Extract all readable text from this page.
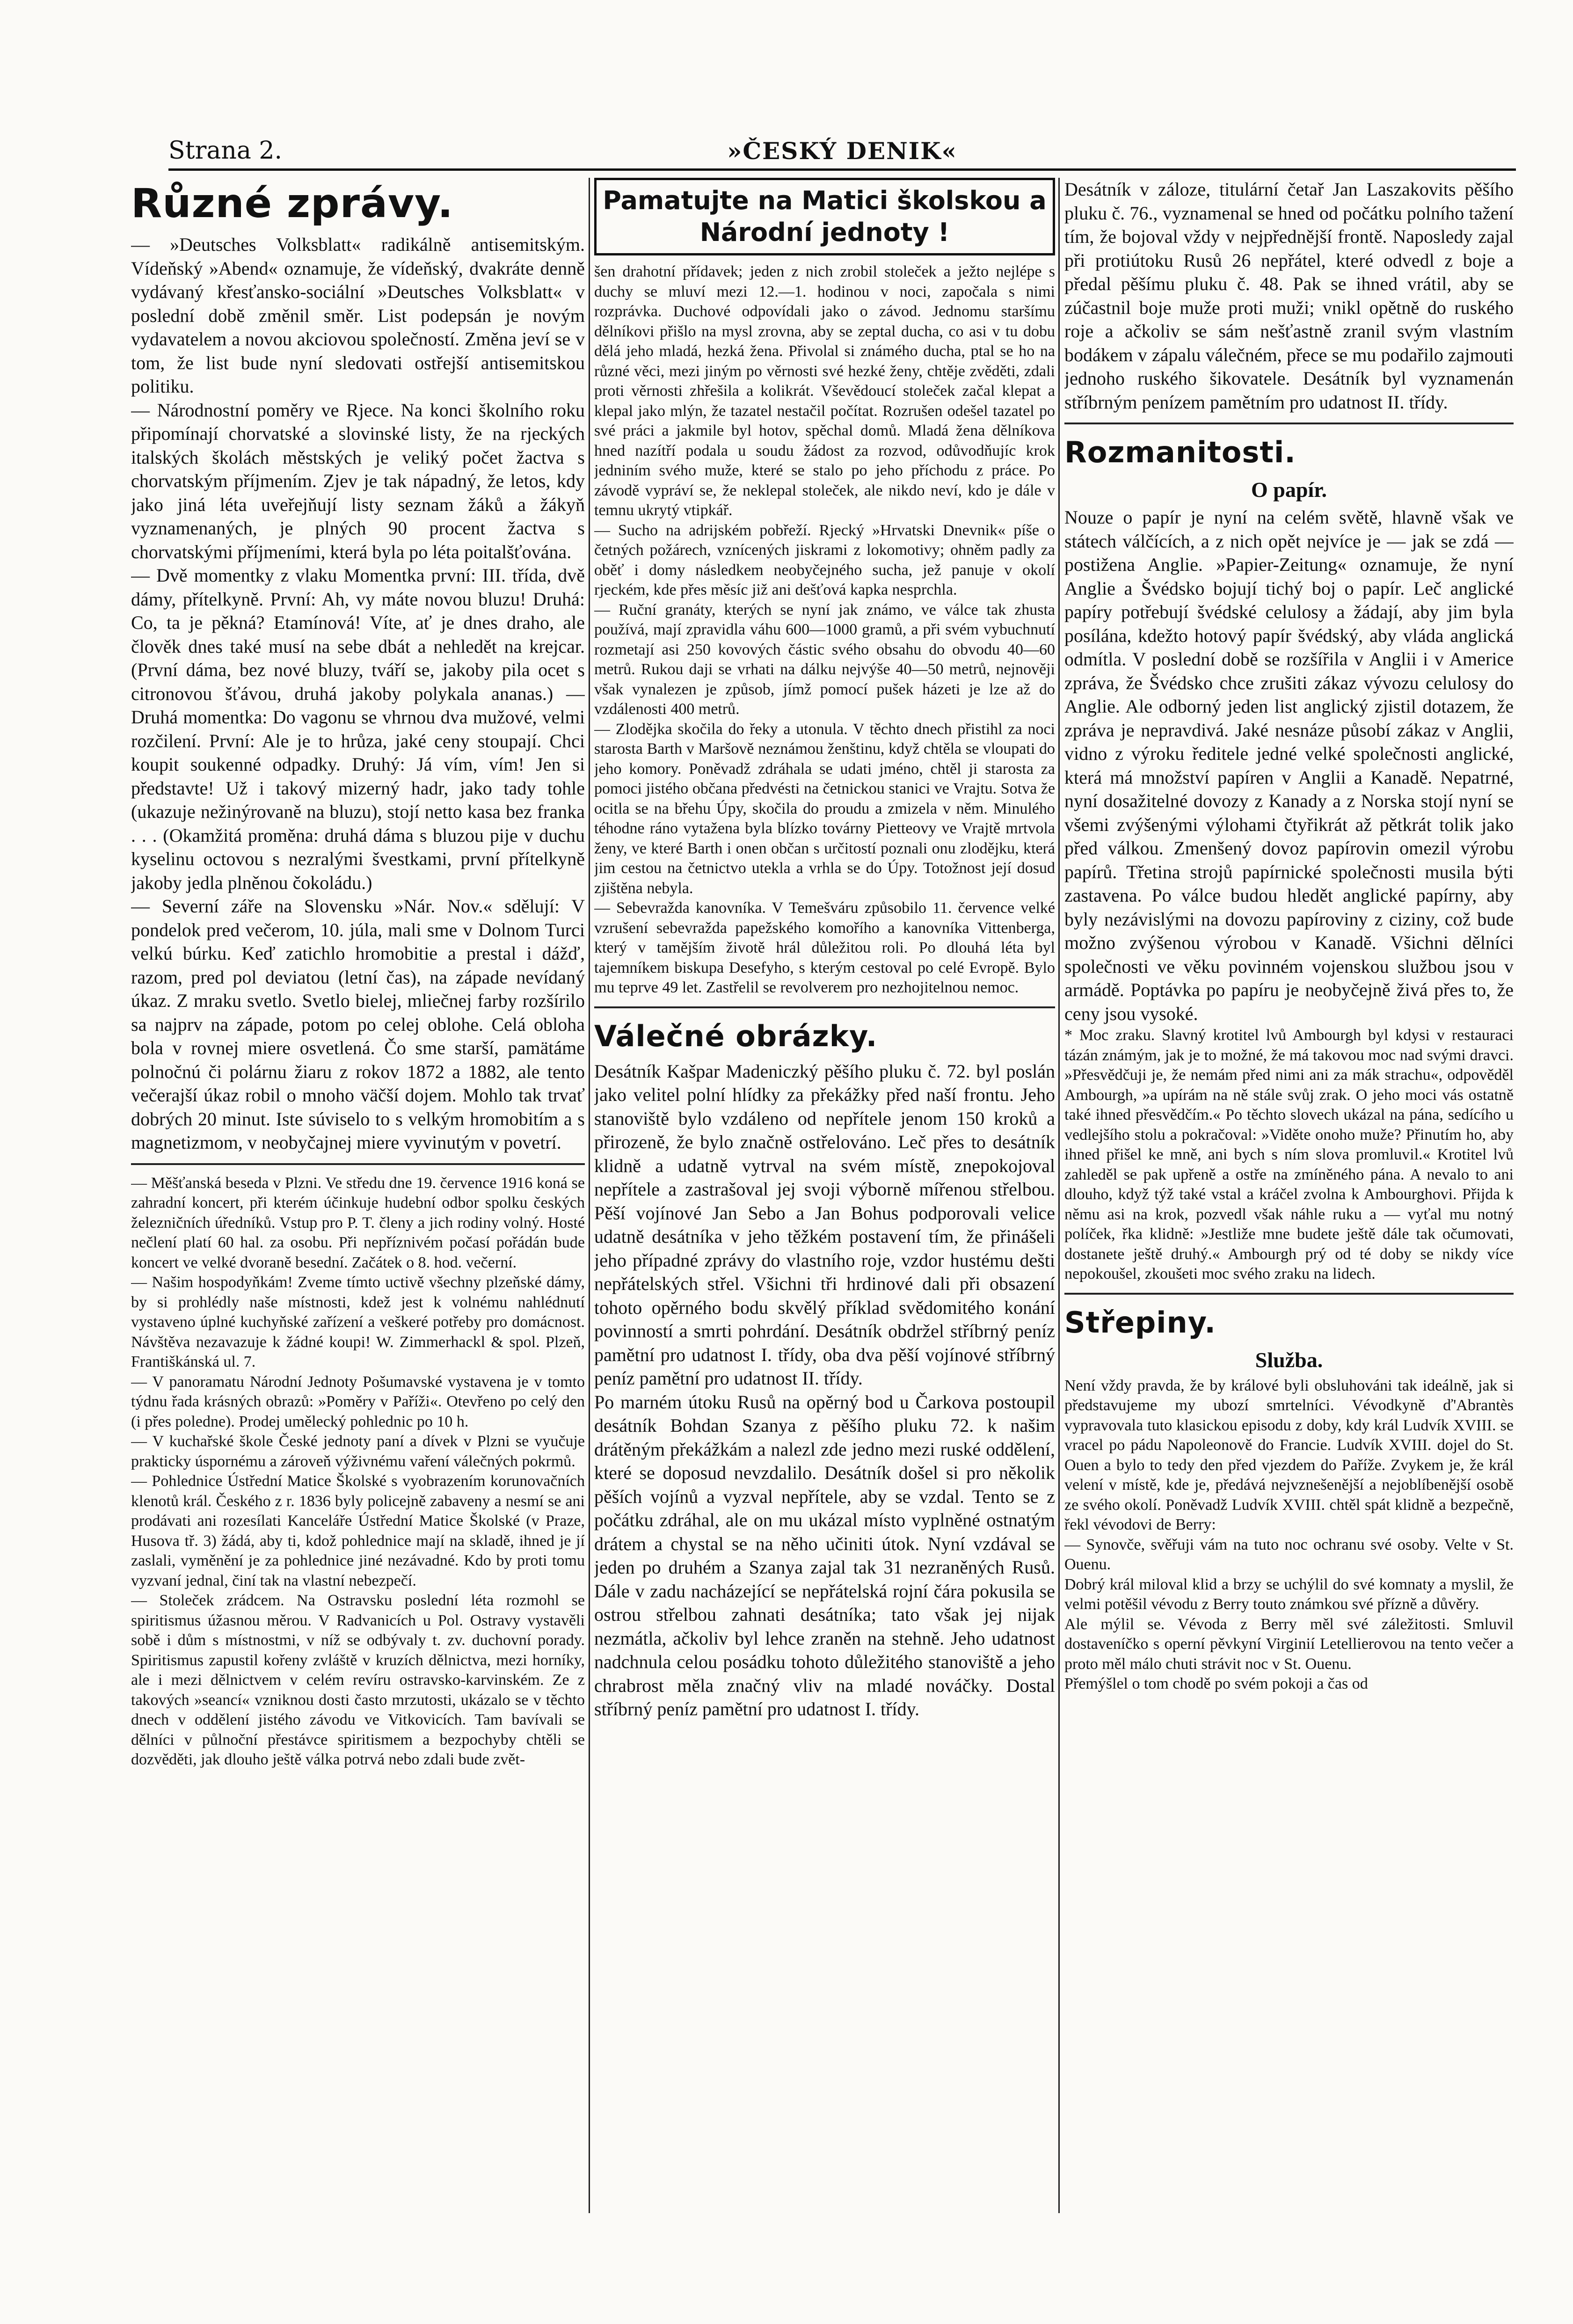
Strana 2.	»ČESKÝ DENIK«
Různé zprávy.

— »Deutsches Volksblatt« radikálně antisemitským. Vídeňský »Abend« oznamuje, že vídeňský, dvakráte denně vydávaný křesťansko-sociální »Deutsches Volksblatt« v poslední době změnil směr. List podepsán je novým vydavatelem a novou akciovou společností. Změna jeví se v tom, že list bude nyní sledovati ostřejší antisemitskou politiku.

— Národnostní poměry ve Rjece. Na konci školního roku připomínají chorvatské a slovinské listy, že na rjeckých italských školách městských je veliký počet žactva s chorvatským příjmením. Zjev je tak nápadný, že letos, kdy jako jiná léta uveřejňují listy seznam žáků a žákyň vyznamenaných, je plných 90 procent žactva s chorvatskými příjmeními, která byla po léta poitalšťována.

— Dvě momentky z vlaku Momentka první: III. třída, dvě dámy, přítelkyně. První: Ah, vy máte novou bluzu! Druhá: Co, ta je pěkná? Etamínová! Víte, ať je dnes draho, ale člověk dnes také musí na sebe dbát a nehledět na krejcar. (První dáma, bez nové bluzy, tváří se, jakoby pila ocet s citronovou šťávou, druhá jakoby polykala ananas.) — Druhá momentka: Do vagonu se vhrnou dva mužové, velmi rozčilení. První: Ale je to hrůza, jaké ceny stoupají. Chci koupit soukenné odpadky. Druhý: Já vím, vím! Jen si představte! Už i takový mizerný hadr, jako tady tohle (ukazuje nežinýrovaně na bluzu), stojí netto kasa bez franka . . . (Okamžitá proměna: druhá dáma s bluzou pije v duchu kyselinu octovou s nezralými švestkami, první přítelkyně jakoby jedla plněnou čokoládu.)

— Severní záře na Slovensku »Nár. Nov.« sdělují: V pondelok pred večerom, 10. júla, mali sme v Dolnom Turci velkú búrku. Keď zatichlo hromobitie a prestal i dážď, razom, pred pol deviatou (letní čas), na západe nevídaný úkaz. Z mraku svetlo. Svetlo bielej, mliečnej farby rozšírilo sa najprv na západe, potom po celej oblohe. Celá obloha bola v rovnej miere osvetlená. Čo sme starší, pamätáme polnočnú či polárnu žiaru z rokov 1872 a 1882, ale tento večerajší úkaz robil o mnoho väčší dojem. Mohlo tak trvať dobrých 20 minut. Iste súviselo to s velkým hromobitím a s magnetizmom, v neobyčajnej miere vyvinutým v povetrí.

— Měšťanská beseda v Plzni. Ve středu dne 19. července 1916 koná se zahradní koncert, při kterém účinkuje hudební odbor spolku českých železničních úředníků. Vstup pro P. T. členy a jich rodiny volný. Hosté nečlení platí 60 hal. za osobu. Při nepříznivém počasí pořádán bude koncert ve velké dvoraně besední. Začátek o 8. hod. večerní.

— Našim hospodyňkám! Zveme tímto uctivě všechny plzeňské dámy, by si prohlédly naše místnosti, kdež jest k volnému nahlédnutí vystaveno úplné kuchyňské zařízení a veškeré potřeby pro domácnost. Návštěva nezavazuje k žádné koupi! W. Zimmerhackl & spol. Plzeň, Františkánská ul. 7.

— V panoramatu Národní Jednoty Pošumavské vystavena je v tomto týdnu řada krásných obrazů: »Poměry v Paříži«. Otevřeno po celý den (i přes poledne). Prodej umělecký pohlednic po 10 h.

— V kuchařské škole České jednoty paní a dívek v Plzni se vyučuje prakticky úspornému a zároveň výživnému vaření válečných pokrmů.

— Pohlednice Ústřední Matice Školské s vyobrazením korunovačních klenotů král. Českého z r. 1836 byly policejně zabaveny a nesmí se ani prodávati ani rozesílati Kanceláře Ústřední Matice Školské (v Praze, Husova tř. 3) žádá, aby ti, kdož pohlednice mají na skladě, ihned je jí zaslali, vyměnění je za pohlednice jiné nezávadné. Kdo by proti tomu vyzvaní jednal, činí tak na vlastní nebezpečí.

— Stoleček zrádcem. Na Ostravsku poslední léta rozmohl se spiritismus úžasnou měrou. V Radvanicích u Pol. Ostravy vystavěli sobě i dům s místnostmi, v níž se odbývaly t. zv. duchovní porady. Spiritismus zapustil kořeny zvláště v kruzích dělnictva, mezi horníky, ale i mezi dělnictvem v celém revíru ostravsko-karvinském. Ze z takových »seancí« vzniknou dosti často mrzutosti, ukázalo se v těchto dnech v oddělení jistého závodu ve Vitkovicích. Tam bavívali se dělníci v půlnoční přestávce spiritismem a bezpochyby chtěli se dozvěděti, jak dlouho ještě válka potrvá nebo zdali bude zvět-

Pamatujte na Matici školskou a Národní jednoty !

šen drahotní přídavek; jeden z nich zrobil stoleček a ježto nejlépe s duchy se mluví mezi 12.—1. hodinou v noci, započala s nimi rozprávka. Duchové odpovídali jako o závod. Jednomu staršímu dělníkovi přišlo na mysl zrovna, aby se zeptal ducha, co asi v tu dobu dělá jeho mladá, hezká žena. Přivolal si známého ducha, ptal se ho na různé věci, mezi jiným po věrnosti své hezké ženy, chtěje zvěděti, zdali proti věrnosti zhřešila a kolikrát. Vševědoucí stoleček začal klepat a klepal jako mlýn, že tazatel nestačil počítat. Rozrušen odešel tazatel po své práci a jakmile byl hotov, spěchal domů. Mladá žena dělníkova hned nazítří podala u soudu žádost za rozvod, odůvodňujíc krok jedniním svého muže, které se stalo po jeho příchodu z práce. Po závodě vypráví se, že neklepal stoleček, ale nikdo neví, kdo je dále v temnu ukrytý vtipkář.

— Sucho na adrijském pobřeží. Rjecký »Hrvatski Dnevnik« píše o četných požárech, vznícených jiskrami z lokomotivy; ohněm padly za oběť i domy následkem neobyčejného sucha, jež panuje v okolí rjeckém, kde přes měsíc již ani dešťová kapka nesprchla.

— Ruční granáty, kterých se nyní jak známo, ve válce tak zhusta používá, mají zpravidla váhu 600—1000 gramů, a při svém vybuchnutí rozmetají asi 250 kovových částic svého obsahu do obvodu 40—60 metrů. Rukou daji se vrhati na dálku nejvýše 40—50 metrů, nejnověji však vynalezen je způsob, jímž pomocí pušek házeti je lze až do vzdálenosti 400 metrů.

— Zlodějka skočila do řeky a utonula. V těchto dnech přistihl za noci starosta Barth v Maršově neznámou ženštinu, když chtěla se vloupati do jeho komory. Poněvadž zdráhala se udati jméno, chtěl ji starosta za pomoci jistého občana předvésti na četnickou stanici ve Vrajtu. Sotva že ocitla se na břehu Úpy, skočila do proudu a zmizela v něm. Minulého téhodne ráno vytažena byla blízko továrny Pietteovy ve Vrajtě mrtvola ženy, ve které Barth i onen občan s určitostí poznali onu zlodějku, která jim cestou na četnictvo utekla a vrhla se do Úpy. Totožnost její dosud zjištěna nebyla.

— Sebevražda kanovníka. V Temešváru způsobilo 11. července velké vzrušení sebevražda papežského komořího a kanovníka Vittenberga, který v tamějším životě hrál důležitou roli. Po dlouhá léta byl tajemníkem biskupa Desefyho, s kterým cestoval po celé Evropě. Bylo mu teprve 49 let. Zastřelil se revolverem pro nezhojitelnou nemoc.

Válečné obrázky.

Desátník Kašpar Madeniczký pěšího pluku č. 72. byl poslán jako velitel polní hlídky za překážky před naší frontu. Jeho stanoviště bylo vzdáleno od nepřítele jenom 150 kroků a přirozeně, že bylo značně ostřelováno. Leč přes to desátník klidně a udatně vytrval na svém místě, znepokojoval nepřítele a zastrašoval jej svoji výborně mířenou střelbou. Pěší vojínové Jan Sebo a Jan Bohus podporovali velice udatně desátníka v jeho těžkém postavení tím, že přinášeli jeho případné zprávy do vlastního roje, vzdor hustému dešti nepřátelských střel. Všichni tři hrdinové dali při obsazení tohoto opěrného bodu skvělý příklad svědomitého konání povinností a smrti pohrdání. Desátník obdržel stříbrný peníz pamětní pro udatnost I. třídy, oba dva pěší vojínové stříbrný peníz pamětní pro udatnost II. třídy.

Po marném útoku Rusů na opěrný bod u Čarkova postoupil desátník Bohdan Szanya z pěšího pluku 72. k našim drátěným překážkám a nalezl zde jedno mezi ruské oddělení, které se doposud nevzdalilo. Desátník došel si pro několik pěších vojínů a vyzval nepřítele, aby se vzdal. Tento se z počátku zdráhal, ale on mu ukázal místo vyplněné ostnatým drátem a chystal se na něho učiniti útok. Nyní vzdával se jeden po druhém a Szanya zajal tak 31 nezraněných Rusů. Dále v zadu nacházející se nepřátelská rojní čára pokusila se ostrou střelbou zahnati desátníka; tato však jej nijak nezmátla, ačkoliv byl lehce zraněn na stehně. Jeho udatnost nadchnula celou posádku tohoto důležitého stanoviště a jeho chrabrost měla značný vliv na mladé nováčky. Dostal stříbrný peníz pamětní pro udatnost I. třídy.

Desátník v záloze, titulární četař Jan Laszakovits pěšího pluku č. 76., vyznamenal se hned od počátku polního tažení tím, že bojoval vždy v nejpřednější frontě. Naposledy zajal při protiútoku Rusů 26 nepřátel, které odvedl z boje a předal pěšímu pluku č. 48. Pak se ihned vrátil, aby se zúčastnil boje muže proti muži; vnikl opětně do ruského roje a ačkoliv se sám nešťastně zranil svým vlastním bodákem v zápalu válečném, přece se mu podařilo zajmouti jednoho ruského šikovatele. Desátník byl vyznamenán stříbrným penízem pamětním pro udatnost II. třídy.

Rozmanitosti.
O papír.

Nouze o papír je nyní na celém světě, hlavně však ve státech válčících, a z nich opět nejvíce je — jak se zdá — postižena Anglie. »Papier-Zeitung« oznamuje, že nyní Anglie a Švédsko bojují tichý boj o papír. Leč anglické papíry potřebují švédské celulosy a žádají, aby jim byla posílána, kdežto hotový papír švédský, aby vláda anglická odmítla. V poslední době se rozšířila v Anglii i v Americe zpráva, že Švédsko chce zrušiti zákaz vývozu celulosy do Anglie. Ale odborný jeden list anglický zjistil dotazem, že zpráva je nepravdivá. Jaké nesnáze působí zákaz v Anglii, vidno z výroku ředitele jedné velké společnosti anglické, která má množství papíren v Anglii a Kanadě. Nepatrné, nyní dosažitelné dovozy z Kanady a z Norska stojí nyní se všemi zvýšenými výlohami čtyřikrát až pětkrát tolik jako před válkou. Zmenšený dovoz papírovin omezil výrobu papírů. Třetina strojů papírnické společnosti musila býti zastavena. Po válce budou hledět anglické papírny, aby byly nezávislými na dovozu papíroviny z ciziny, což bude možno zvýšenou výrobou v Kanadě. Všichni dělníci společnosti ve věku povinném vojenskou službou jsou v armádě. Poptávka po papíru je neobyčejně živá přes to, že ceny jsou vysoké.

* Moc zraku. Slavný krotitel lvů Ambourgh byl kdysi v restauraci tázán známým, jak je to možné, že má takovou moc nad svými dravci. »Přesvědčuji je, že nemám před nimi ani za mák strachu«, odpověděl Ambourgh, »a upírám na ně stále svůj zrak. O jeho moci vás ostatně také ihned přesvědčím.« Po těchto slovech ukázal na pána, sedícího u vedlejšího stolu a pokračoval: »Viděte onoho muže? Přinutím ho, aby ihned přišel ke mně, ani bych s ním slova promluvil.« Krotitel lvů zahleděl se pak upřeně a ostře na zmíněného pána. A nevalo to ani dlouho, když týž také vstal a kráčel zvolna k Ambourghovi. Přijda k němu asi na krok, pozvedl však náhle ruku a — vyťal mu notný políček, řka klidně: »Jestliže mne budete ještě dále tak očumovati, dostanete ještě druhý.« Ambourgh prý od té doby se nikdy více nepokoušel, zkoušeti moc svého zraku na lidech.

Střepiny.
Služba.

Není vždy pravda, že by králové byli obsluhováni tak ideálně, jak si představujeme my ubozí smrtelníci. Vévodkyně ď'Abrantès vypravovala tuto klasickou episodu z doby, kdy král Ludvík XVIII. se vracel po pádu Napoleonově do Francie. Ludvík XVIII. dojel do St. Ouen a bylo to tedy den před vjezdem do Paříže. Zvykem je, že král velení v místě, kde je, předává nejvznešenější a nejoblíbenější osobě ze svého okolí. Poněvadž Ludvík XVIII. chtěl spát klidně a bezpečně, řekl vévodovi de Berry:

— Synovče, svěřuji vám na tuto noc ochranu své osoby. Velte v St. Ouenu.

Dobrý král miloval klid a brzy se uchýlil do své komnaty a myslil, že velmi potěšil vévodu z Berry touto známkou své přízně a důvěry.

Ale mýlil se. Vévoda z Berry měl své záležitosti. Smluvil dostaveníčko s operní pěvkyní Virginií Letellierovou na tento večer a proto měl málo chuti strávit noc v St. Ouenu.

Přemýšlel o tom chodě po svém pokoji a čas od
